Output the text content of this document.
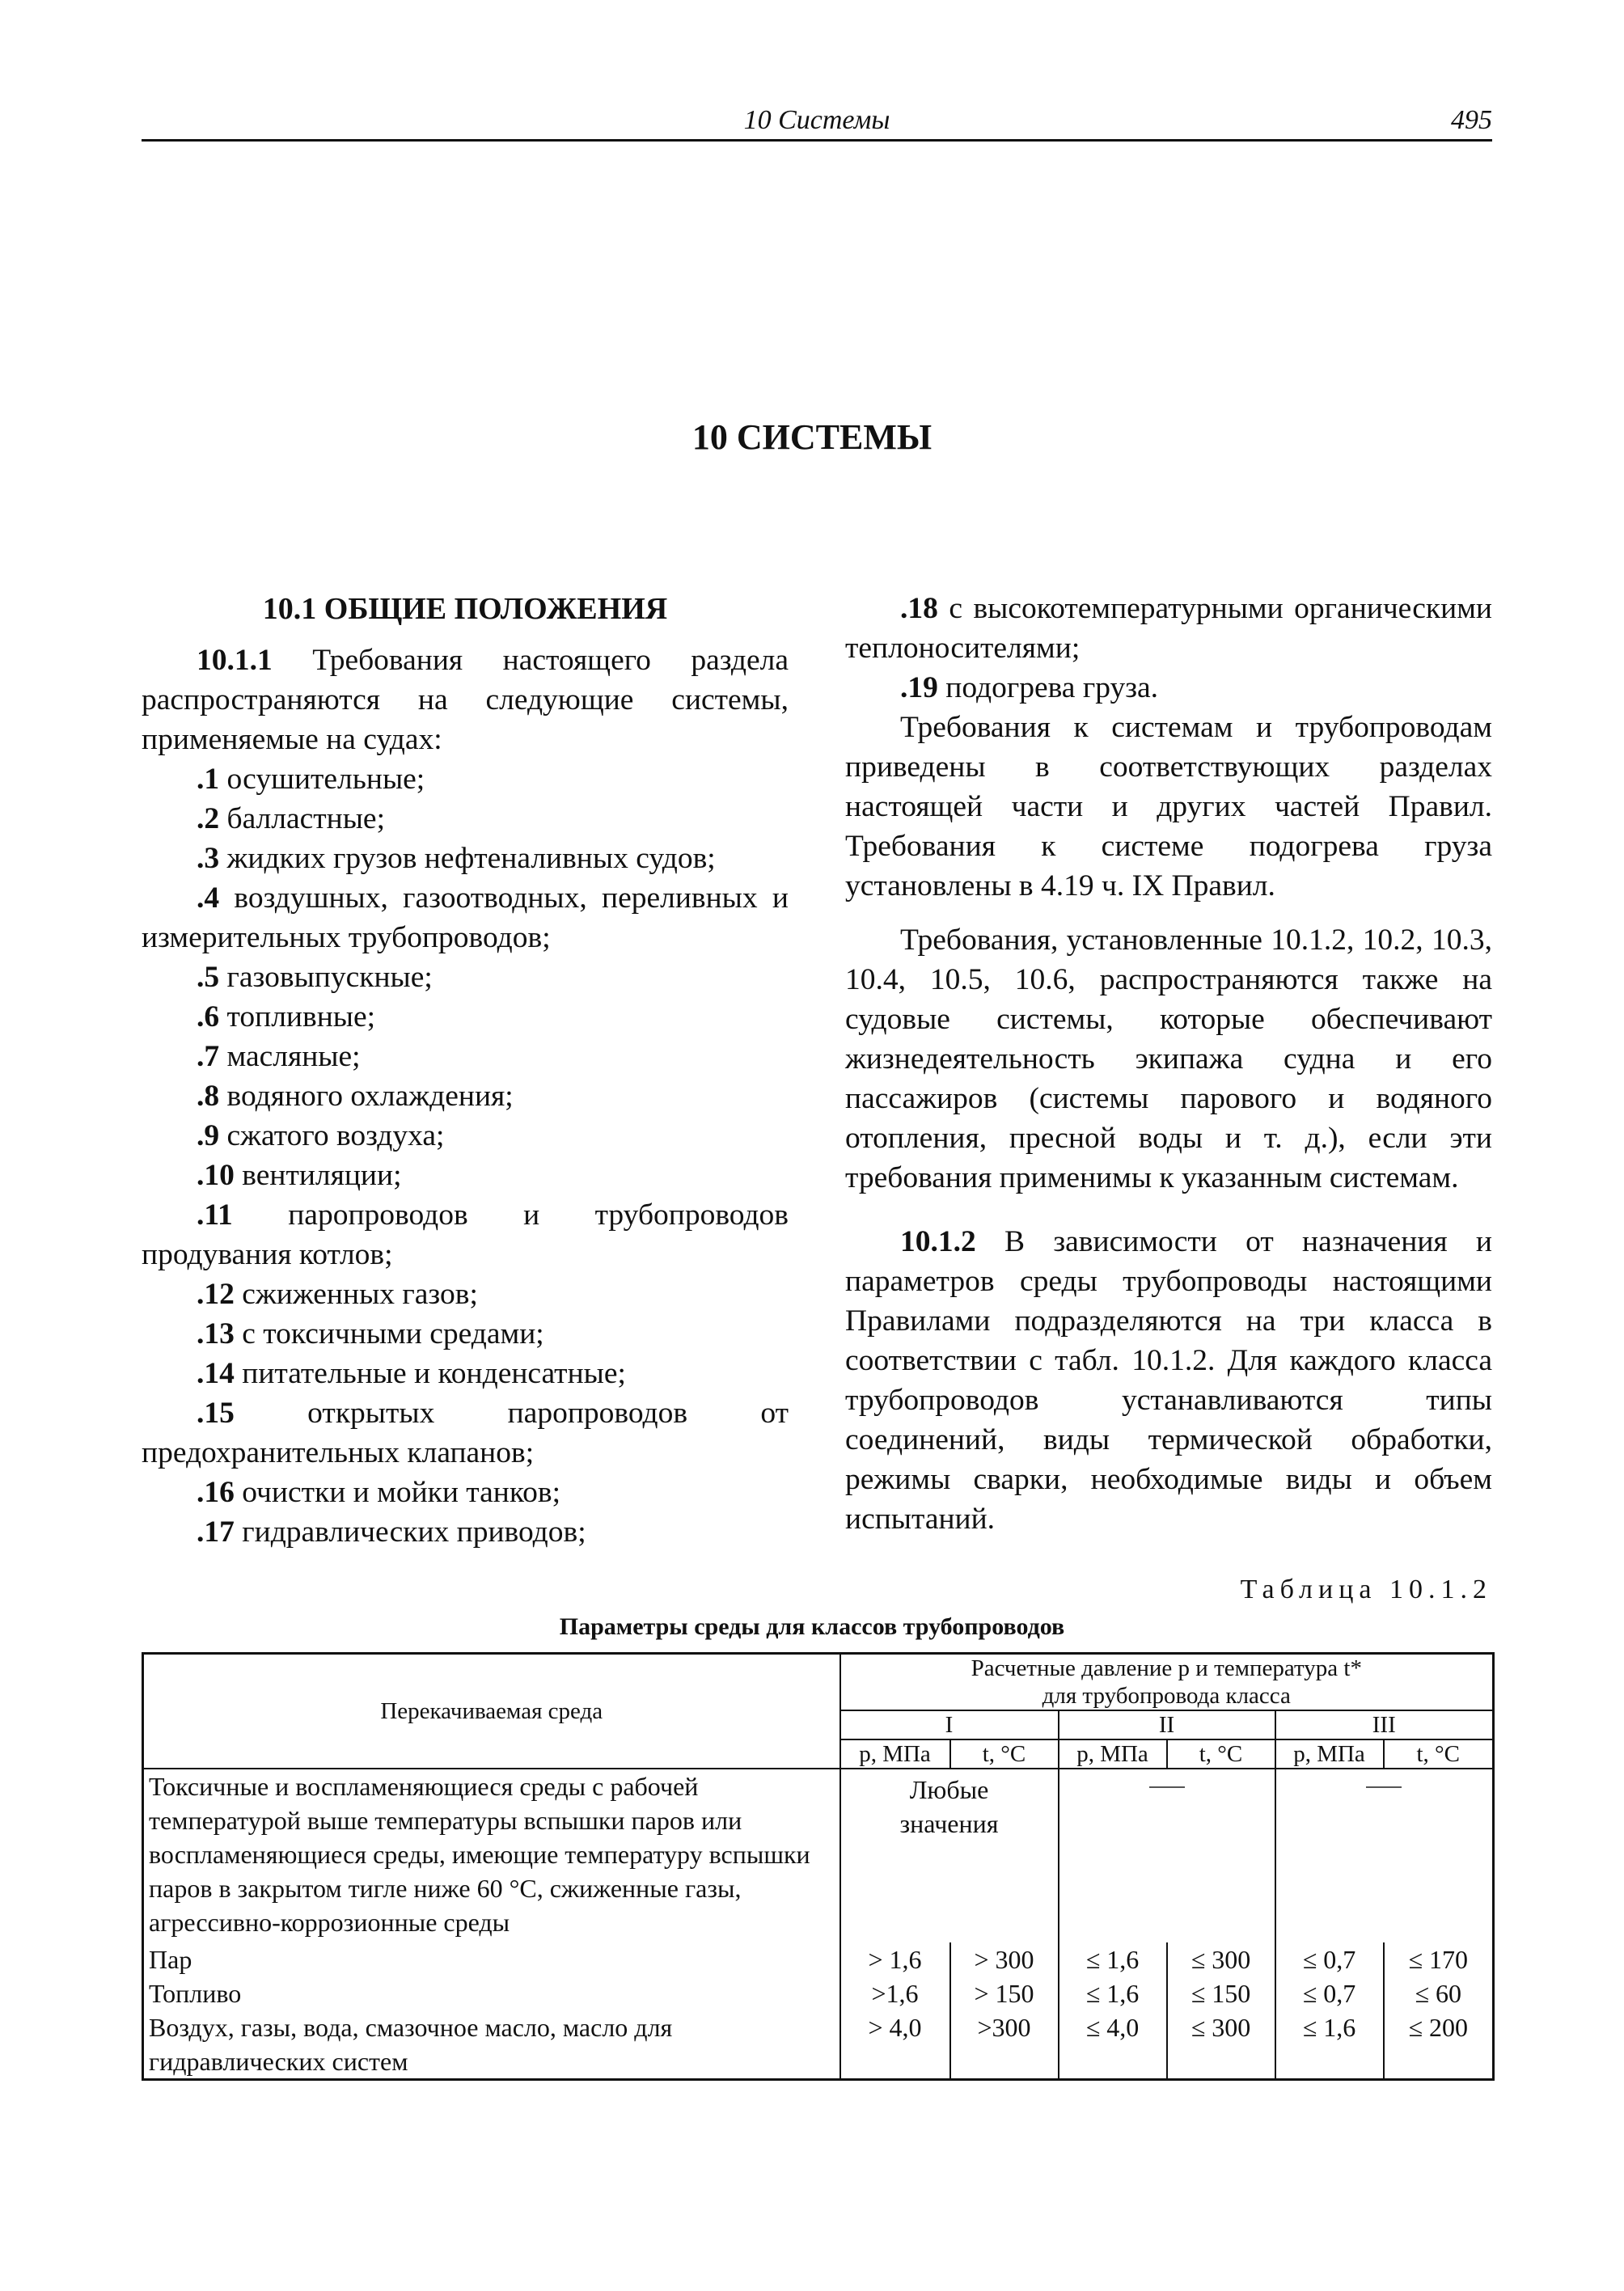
10 Системы	495
10 СИСТЕМЫ
10.1 ОБЩИЕ ПОЛОЖЕНИЯ

10.1.1 Требования настоящего раздела распространяются на следующие системы, применяемые на судах:

.1 осушительные;

.2 балластные;

.3 жидких грузов нефтеналивных судов;

.4 воздушных, газоотводных, переливных и измерительных трубопроводов;

.5 газовыпускные;

.6 топливные;

.7 масляные;

.8 водяного охлаждения;

.9 сжатого воздуха;

.10 вентиляции;

.11 паропроводов и трубопроводов продувания котлов;

.12 сжиженных газов;

.13 с токсичными средами;

.14 питательные и конденсатные;

.15 открытых паропроводов от предохранительных клапанов;

.16 очистки и мойки танков;

.17 гидравлических приводов;

.18 с высокотемпературными органическими теплоносителями;

.19 подогрева груза.

Требования к системам и трубопроводам приведены в соответствующих разделах настоящей части и других частей Правил. Требования к системе подогрева груза установлены в 4.19 ч. IX Правил.

Требования, установленные 10.1.2, 10.2, 10.3, 10.4, 10.5, 10.6, распространяются также на судовые системы, которые обеспечивают жизнедеятельность экипажа судна и его пассажиров (системы парового и водяного отопления, пресной воды и т. д.), если эти требования применимы к указанным системам.

10.1.2 В зависимости от назначения и параметров среды трубопроводы настоящими Правилами подразделяются на три класса в соответствии с табл. 10.1.2. Для каждого класса трубопроводов устанавливаются типы соединений, виды термической обработки, режимы сварки, необходимые виды и объем испытаний.

Таблица 10.1.2
Параметры среды для классов трубопроводов
Перекачиваемая среда	Расчетные давление p и температура t*
для трубопровода класса					
	I		II		III	
	p, МПа	t, °C	p, МПа	t, °C	p, МПа	t, °C
Токсичные и воспламеняющиеся среды с рабочей температурой выше температуры вспышки паров или воспламеняющиеся среды, имеющие температуру вспышки паров в закрытом тигле ниже 60 °C, сжиженные газы, агрессивно-коррозионные среды	Любые значения					
Пар	> 1,6	> 300	≤ 1,6	≤ 300	≤ 0,7	≤ 170
Топливо	>1,6	> 150	≤ 1,6	≤ 150	≤ 0,7	≤ 60
Воздух, газы, вода, смазочное масло, масло для гидравлических систем	> 4,0	>300	≤ 4,0	≤ 300	≤ 1,6	≤ 200
